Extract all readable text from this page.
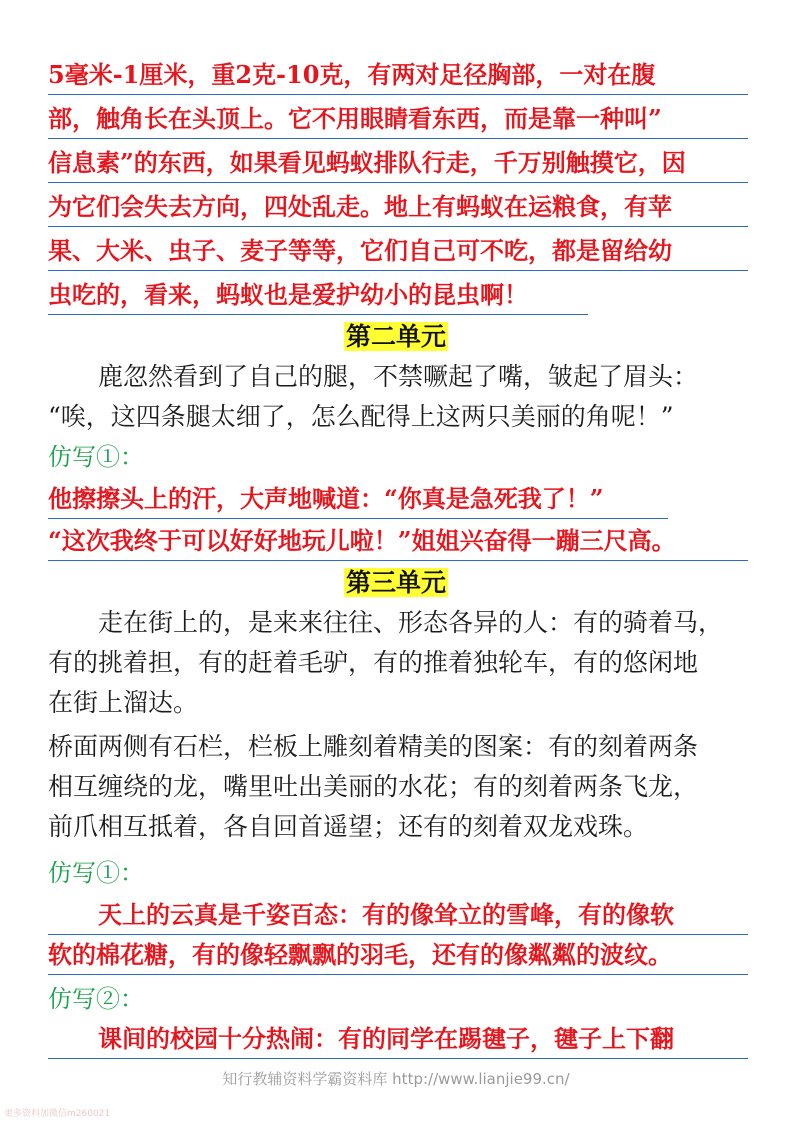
5毫米-1厘米，重2克-10克，有两对足径胸部，一对在腹
部，触角长在头顶上。它不用眼睛看东西，而是靠一种叫”
信息素”的东西，如果看见蚂蚁排队行走，千万别触摸它，因
为它们会失去方向，四处乱走。地上有蚂蚁在运粮食，有苹
果、大米、虫子、麦子等等，它们自己可不吃，都是留给幼
虫吃的，看来，蚂蚁也是爱护幼小的昆虫啊！
第二单元
鹿忽然看到了自己的腿，不禁噘起了嘴，皱起了眉头：
“唉，这四条腿太细了，怎么配得上这两只美丽的角呢！”
仿写①：
他擦擦头上的汗，大声地喊道：“你真是急死我了！”
“这次我终于可以好好地玩儿啦！”姐姐兴奋得一蹦三尺高。
第三单元
走在街上的，是来来往往、形态各异的人：有的骑着马，
有的挑着担，有的赶着毛驴，有的推着独轮车，有的悠闲地
在街上溜达。
桥面两侧有石栏，栏板上雕刻着精美的图案：有的刻着两条
相互缠绕的龙，嘴里吐出美丽的水花；有的刻着两条飞龙，
前爪相互抵着，各自回首遥望；还有的刻着双龙戏珠。
仿写①：
天上的云真是千姿百态：有的像耸立的雪峰，有的像软
软的棉花糖，有的像轻飘飘的羽毛，还有的像粼粼的波纹。
仿写②：
课间的校园十分热闹：有的同学在踢毽子，毽子上下翻
知行教辅资料学霸资料库 http://www.lianjie99.cn/
更多资料加微信m260021
